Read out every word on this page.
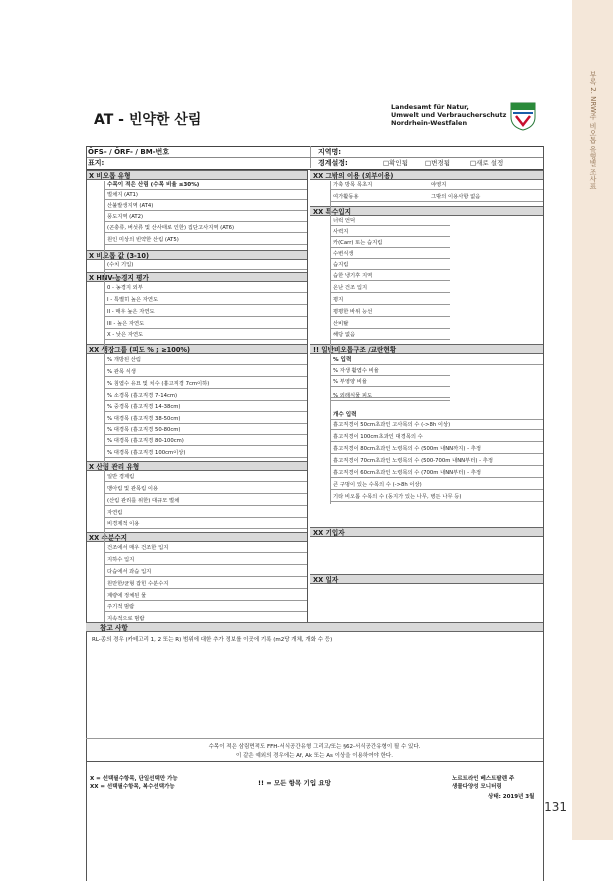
부록 2. NRW주 비오톱 유형별 조사표
AT - 빈약한 산림
Landesamt für Natur,
Umwelt und Verbraucherschutz
Nordrhein-Westfalen
ÖFS- / ÖRF- / BM-번호	지역명:
표지:	경계설정:	□확인됨	□변경됨	□새로 설정
X 비오톱 유형
수목이 적은 산림 (수목 비율 ≤30%)
벌채지 (AT1)
산불발생지역 (AT4)
풍도지역 (AT2)
(곤충류, 버섯류 및 산사태로 인한) 집단고사지역 (AT6)
원인 미상의 빈약한 산림 (AT5)
X 비오톱 값 (3-10)
(수치 기입)
X HNV-농경지 평가
0 - 농경지 외부
I - 특별히 높은 자연도
II - 매우 높은 자연도
III - 높은 자연도
X - 낮은 자연도
XX 생장그룹 (피도 % ; ≥100%)
% 개방된 산림
% 관목 식생
% 침엽수 유묘 및 치수 (흉고직경 7cm이하)
% 소경목 (흉고직경 7-14cm)
% 중경목 (흉고직경 14-38cm)
% 대경목 (흉고직경 38-50cm)
% 대경목 (흉고직경 50-80cm)
% 대경목 (흉고직경 80-100cm)
% 대경목 (흉고직경 100cm이상)
X 산림 관리 유형
일반 경제림
맹아림 및 관목림 이용
(산림 관리를 위한) 대규모 벌채
자연림
비경제적 이용
XX 수분수지
건조에서 매우 건조한 입지
지하수 입지
다습에서 과습 입지
원만한/균형 잡힌 수분수지
계량에 정체된 물
주기적 범람
지속적으로 범람
XX 그밖의 이용 (외부이용)
가축 방목 목초지
여가활동용
야영지
그밖의 이용사항 없음
XX 특수입지
너럭 언덕
사력지
카(Carr) 또는 습지림
수변식생
습지림
습한 냉기후 지역
온난 건조 입지
평지
평평한 바위 능선
산비탈
해당 없음
!! 일반비오톱구조 /교란현황
% 입력
% 자생 활엽수 비율
% 부영양 비율
% 외래식물 피도
개수 입력
흉고직경이 50cm초과인 고사목의 수 (->8h 이상)
흉고직경이 100cm초과인 대경목의 수
흉고직경이 80cm초과인 노령목의 수 (500m 내NN까지) - 추정
흉고직경이 70cm초과인 노령목의 수 (500-700m 내NN부터) - 추정
흉고직경이 60cm초과인 노령목의 수 (700m 내NN부터) - 추정
큰 구멍이 있는 수목의 수 (->8h 이상)
기타 비오톱 수목의 수 (동지가 있는 나무, 병든 나무 등)
XX 기입자
XX 일자
참고 사항
RL-종의 경우 (카테고리 1, 2 또는 R) 범위에 대한 추가 정보를 이곳에 기록 (m2당 개체, 개화 수 등)
수목이 적은 삼림면적도 FFH-서식공간유형 그리고/또는 §62-서식공간유형이 될 수 있다.
이 같은 예외의 경우에는 Af, Ak 또는 As 이상을 이용하여야 한다.
X = 선택필수항목, 단일선택만 가능
XX = 선택필수항목, 복수선택가능	!! = 모든 항목 기입 요망	노르트라인 베스트팔렌 주
생물다양성 모니터링
상태: 2019년 3월
131
